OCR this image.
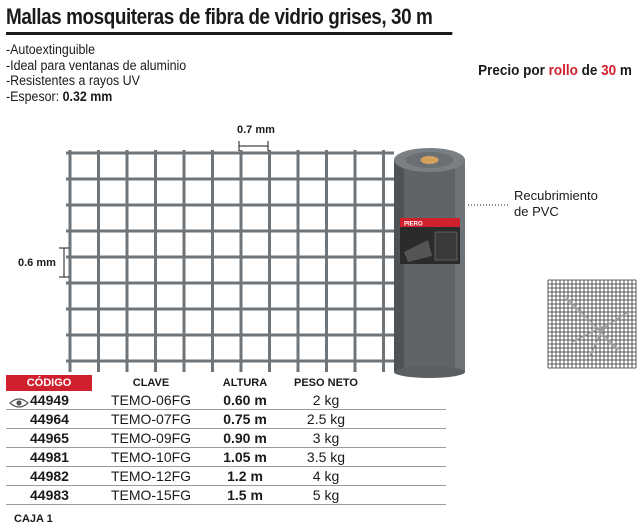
Mallas mosquiteras de fibra de vidrio grises, 30 m
-Autoextinguible
-Ideal para ventanas de aluminio
-Resistentes a rayos UV
-Espesor: 0.32 mm
Precio por rollo de 30 m
PIERO
0.7 mm
0.6 mm
Recubrimiento
de PVC
CÓDIGO	CLAVE	ALTURA	PESO NETO	
44949	TEMO-06FG	0.60 m	2 kg	
44964	TEMO-07FG	0.75 m	2.5 kg	
44965	TEMO-09FG	0.90 m	3 kg	
44981	TEMO-10FG	1.05 m	3.5 kg	
44982	TEMO-12FG	1.2 m	4 kg	
44983	TEMO-15FG	1.5 m	5 kg	
CAJA 1
